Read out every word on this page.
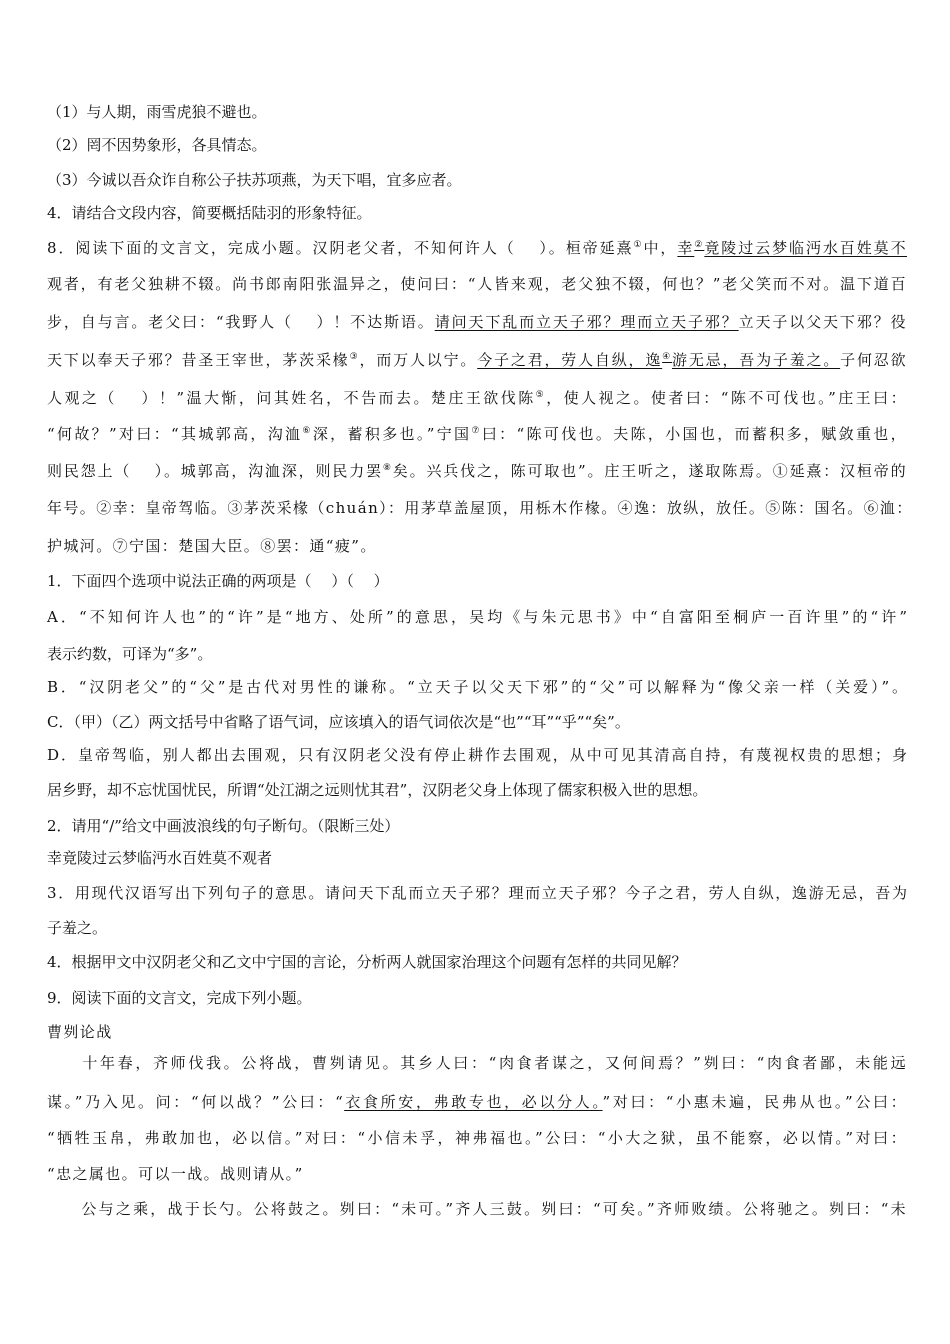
（1）与人期，雨雪虎狼不避也。
（2）罔不因势象形，各具情态。
（3）今诚以吾众诈自称公子扶苏项燕，为天下唱，宜多应者。
4．请结合文段内容，简要概括陆羽的形象特征。
8．阅读下面的文言文，完成小题。汉阴老父者，不知何许人（　 ）。桓帝延熹①中，幸②竟陵过云梦临沔水百姓莫不
观者，有老父独耕不辍。尚书郎南阳张温异之，使问曰：“人皆来观，老父独不辍，何也？”老父笑而不对。温下道百
步，自与言。老父曰：“我野人（　 ）！不达斯语。请问天下乱而立天子邪？理而立天子邪？立天子以父天下邪？役
天下以奉天子邪？昔圣王宰世，茅茨采椽③，而万人以宁。今子之君，劳人自纵，逸④游无忌，吾为子羞之。子何忍欲
人观之（　 ）！”温大惭，问其姓名，不告而去。楚庄王欲伐陈⑤，使人视之。使者曰：“陈不可伐也。”庄王曰：
“何故？”对曰：“其城郭高，沟洫⑥深，蓄积多也。”宁国⑦曰：“陈可伐也。夫陈，小国也，而蓄积多，赋敛重也，
则民怨上（　 ）。城郭高，沟洫深，则民力罢⑧矣。兴兵伐之，陈可取也”。庄王听之，遂取陈焉。①延熹：汉桓帝的
年号。②幸：皇帝驾临。③茅茨采椽（chuán）：用茅草盖屋顶，用栎木作椽。④逸：放纵，放任。⑤陈：国名。⑥洫：
护城河。⑦宁国：楚国大臣。⑧罢：通“疲”。
1．下面四个选项中说法正确的两项是（　 ）（　 ）
A．“不知何许人也”的“许”是“地方、处所”的意思，吴均《与朱元思书》中“自富阳至桐庐一百许里”的“许”
表示约数，可译为“多”。
B．“汉阴老父”的“父”是古代对男性的谦称。“立天子以父天下邪”的“父”可以解释为“像父亲一样（关爱）”。
C．（甲）（乙）两文括号中省略了语气词，应该填入的语气词依次是“也”“耳”“乎”“矣”。
D．皇帝驾临，别人都出去围观，只有汉阴老父没有停止耕作去围观，从中可见其清高自持，有蔑视权贵的思想；身
居乡野，却不忘忧国忧民，所谓“处江湖之远则忧其君”，汉阴老父身上体现了儒家积极入世的思想。
2．请用“/”给文中画波浪线的句子断句。（限断三处）
幸竟陵过云梦临沔水百姓莫不观者
3．用现代汉语写出下列句子的意思。请问天下乱而立天子邪？理而立天子邪？今子之君，劳人自纵，逸游无忌，吾为
子羞之。
4．根据甲文中汉阴老父和乙文中宁国的言论，分析两人就国家治理这个问题有怎样的共同见解？
9．阅读下面的文言文，完成下列小题。
曹刿论战
　　十年春，齐师伐我。公将战，曹刿请见。其乡人曰：“肉食者谋之，又何间焉？”刿曰：“肉食者鄙，未能远
谋。”乃入见。问：“何以战？”公曰：“衣食所安，弗敢专也，必以分人。”对曰：“小惠未遍，民弗从也。”公曰：
“牺牲玉帛，弗敢加也，必以信。”对曰：“小信未孚，神弗福也。”公曰：“小大之狱，虽不能察，必以情。”对曰：
“忠之属也。可以一战。战则请从。”
　　公与之乘，战于长勺。公将鼓之。刿曰：“未可。”齐人三鼓。刿曰：“可矣。”齐师败绩。公将驰之。刿曰：“未
